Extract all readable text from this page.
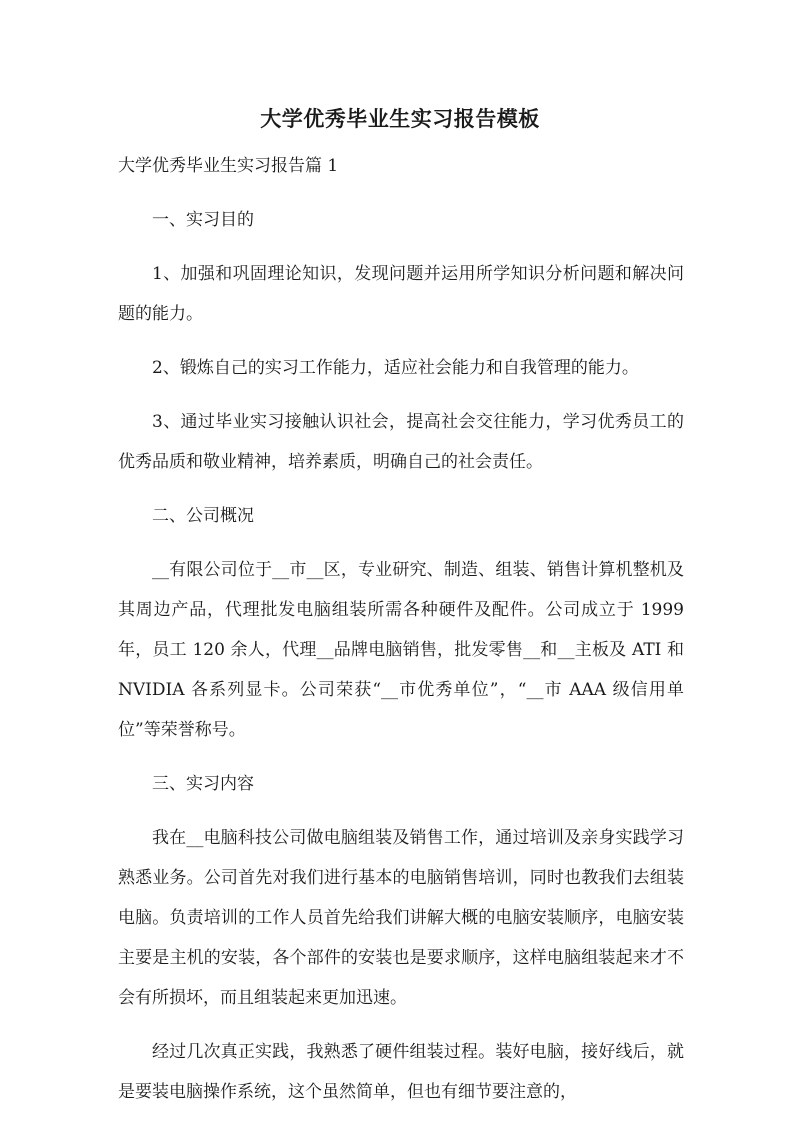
大学优秀毕业生实习报告模板

大学优秀毕业生实习报告篇 1

一、实习目的

1、加强和巩固理论知识，发现问题并运用所学知识分析问题和解决问题的能力。

2、锻炼自己的实习工作能力，适应社会能力和自我管理的能力。

3、通过毕业实习接触认识社会，提高社会交往能力，学习优秀员工的优秀品质和敬业精神，培养素质，明确自己的社会责任。

二、公司概况

__有限公司位于__市__区，专业研究、制造、组装、销售计算机整机及其周边产品，代理批发电脑组装所需各种硬件及配件。公司成立于 1999 年，员工 120 余人，代理__品牌电脑销售，批发零售__和__主板及 ATI 和 NVIDIA 各系列显卡。公司荣获“__市优秀单位”，“__市 AAA 级信用单位”等荣誉称号。

三、实习内容

我在__电脑科技公司做电脑组装及销售工作，通过培训及亲身实践学习熟悉业务。公司首先对我们进行基本的电脑销售培训，同时也教我们去组装电脑。负责培训的工作人员首先给我们讲解大概的电脑安装顺序，电脑安装主要是主机的安装，各个部件的安装也是要求顺序，这样电脑组装起来才不会有所损坏，而且组装起来更加迅速。

经过几次真正实践，我熟悉了硬件组装过程。装好电脑，接好线后，就是要装电脑操作系统，这个虽然简单，但也有细节要注意的，
